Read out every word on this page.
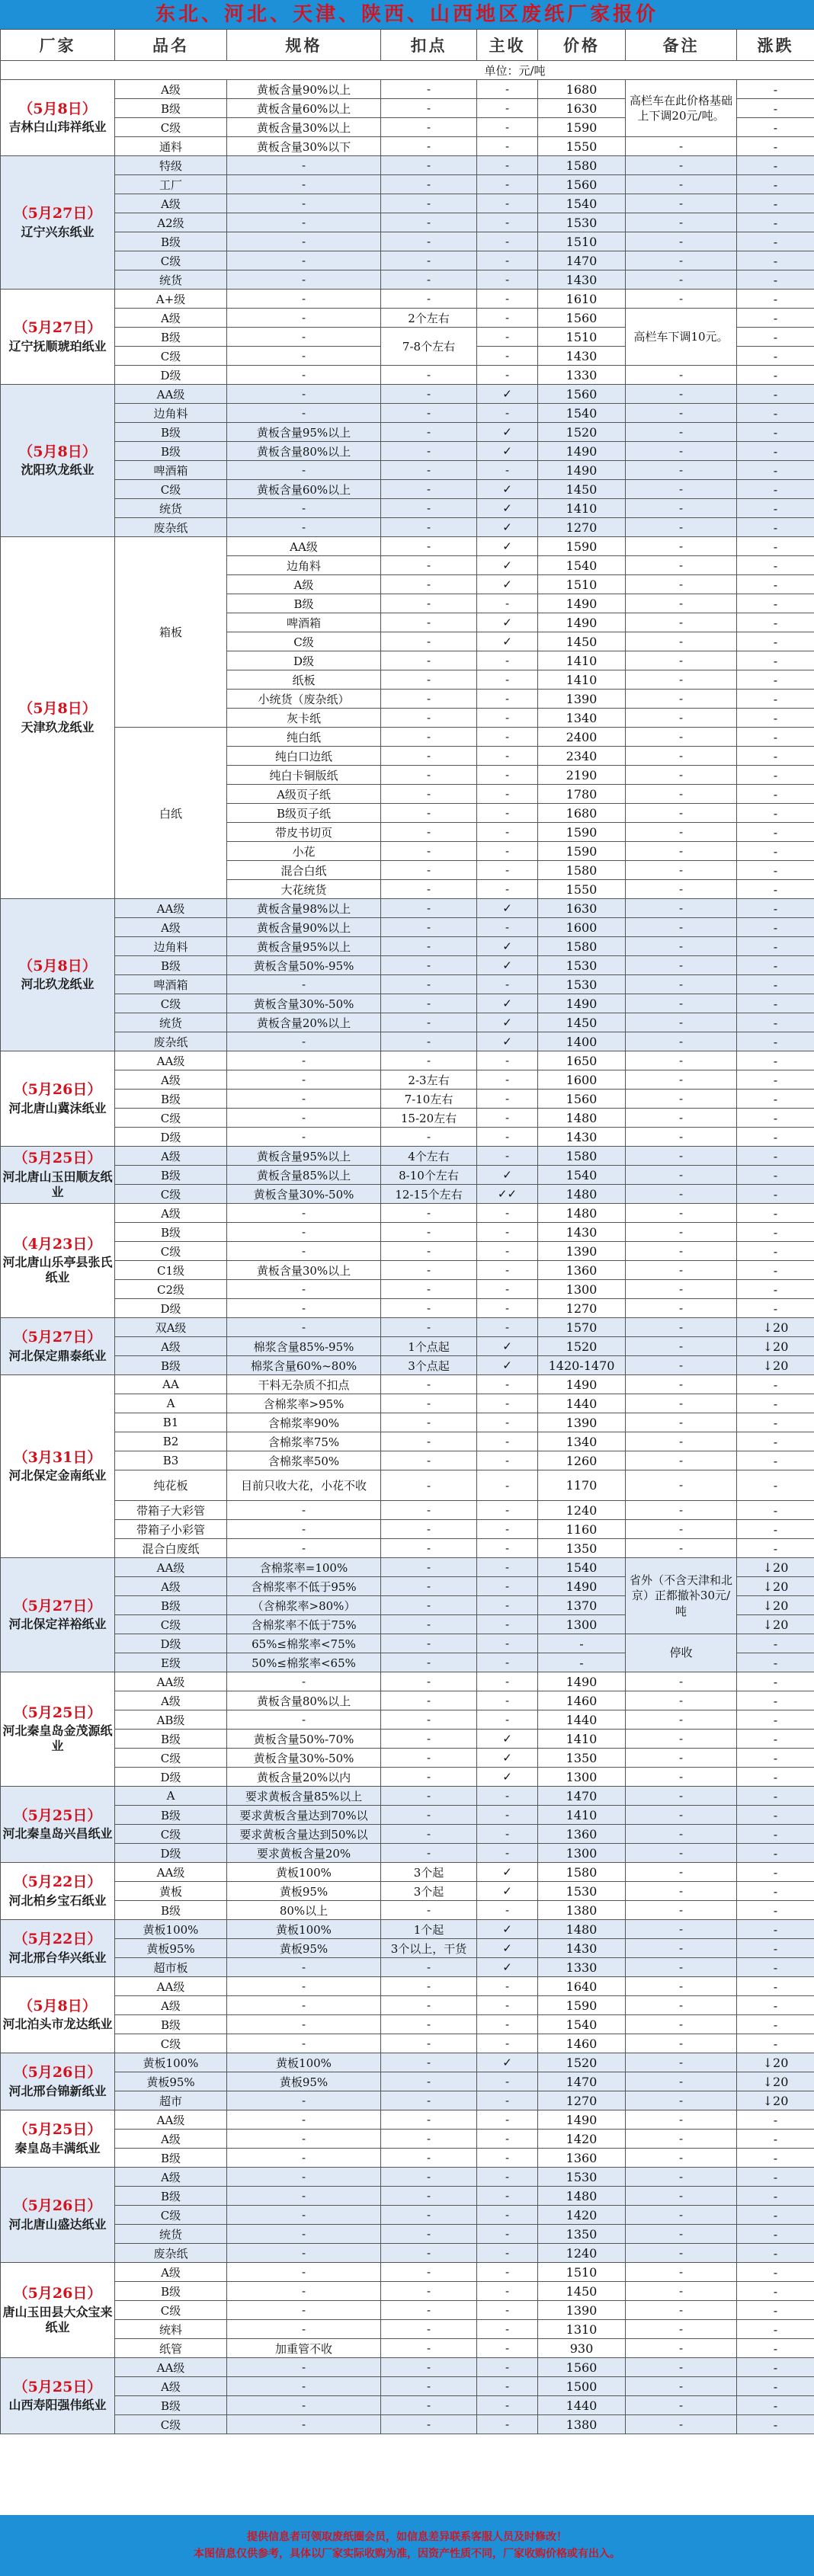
东北、河北、天津、陕西、山西地区废纸厂家报价
厂家	品名	规格	扣点	主收	价格	备注	涨跌
				单位：元/吨			

（5月8日）
吉林白山玮祥纸业	A级	黄板含量90%以上	-	-	1680	高栏车在此价格基础上下调20元/吨。	-
	B级	黄板含量60%以上	-	-	1630		-
	C级	黄板含量30%以上	-	-	1590		-
	通料	黄板含量30%以下	-	-	1550	-	-

（5月27日）
辽宁兴东纸业	特级	-	-	-	1580	-	-
	工厂	-	-	-	1560	-	-
	A级	-	-	-	1540	-	-
	A2级	-	-	-	1530	-	-
	B级	-	-	-	1510	-	-
	C级	-	-	-	1470	-	-
	统货	-	-	-	1430	-	-

（5月27日）
辽宁抚顺琥珀纸业	A+级	-	-	-	1610	-	-
	A级	-	2个左右	-	1560	高栏车下调10元。	-
	B级	-	7-8个左右	-	1510		-
	C级	-		-	1430		-
	D级	-	-	-	1330	-	-

（5月8日）
沈阳玖龙纸业	AA级	-	-	✓	1560	-	-
	边角料	-	-	-	1540	-	-
	B级	黄板含量95%以上	-	✓	1520	-	-
	B级	黄板含量80%以上	-	✓	1490	-	-
	啤酒箱	-	-	-	1490	-	-
	C级	黄板含量60%以上	-	✓	1450	-	-
	统货	-	-	✓	1410	-	-
	废杂纸	-	-	✓	1270	-	-

（5月8日）
天津玖龙纸业	箱板	AA级	-	✓	1590	-	-
		边角料	-	✓	1540	-	-
		A级	-	✓	1510	-	-
		B级	-	-	1490	-	-
		啤酒箱	-	✓	1490	-	-
		C级	-	✓	1450	-	-
		D级	-	-	1410	-	-
		纸板	-	-	1410	-	-
		小统货（废杂纸）	-	-	1390	-	-
		灰卡纸	-	-	1340	-	-
	白纸	纯白纸	-	-	2400	-	-
		纯白口边纸	-	-	2340	-	-
		纯白卡铜版纸	-	-	2190	-	-
		A级页子纸	-	-	1780	-	-
		B级页子纸	-	-	1680	-	-
		带皮书切页	-	-	1590	-	-
		小花	-	-	1590	-	-
		混合白纸	-	-	1580	-	-
		大花统货	-	-	1550	-	-

（5月8日）
河北玖龙纸业	AA级	黄板含量98%以上	-	✓	1630	-	-
	A级	黄板含量90%以上	-	-	1600	-	-
	边角料	黄板含量95%以上	-	✓	1580	-	-
	B级	黄板含量50%-95%	-	✓	1530	-	-
	啤酒箱	-	-	-	1530	-	-
	C级	黄板含量30%-50%	-	✓	1490	-	-
	统货	黄板含量20%以上	-	✓	1450	-	-
	废杂纸	-	-	✓	1400	-	-

（5月26日）
河北唐山冀沫纸业	AA级	-	-	-	1650	-	-
	A级	-	2-3左右	-	1600	-	-
	B级	-	7-10左右	-	1560	-	-
	C级	-	15-20左右	-	1480	-	-
	D级	-	-	-	1430	-	-

（5月25日）
河北唐山玉田顺友纸业	A级	黄板含量95%以上	4个左右	-	1580	-	-
	B级	黄板含量85%以上	8-10个左右	✓	1540	-	-
	C级	黄板含量30%-50%	12-15个左右	✓✓	1480	-	-

（4月23日）
河北唐山乐亭县张氏纸业	A级	-	-	-	1480	-	-
	B级	-	-	-	1430	-	-
	C级	-	-	-	1390	-	-
	C1级	黄板含量30%以上	-	-	1360	-	-
	C2级	-	-	-	1300	-	-
	D级	-	-	-	1270	-	-

（5月27日）
河北保定鼎泰纸业	双A级	-	-	-	1570	-	↓20
	A级	棉浆含量85%-95%	1个点起	✓	1520	-	↓20
	B级	棉浆含量60%~80%	3个点起	✓	1420-1470	-	↓20

（3月31日）
河北保定金南纸业	AA	干料无杂质不扣点	-	-	1490	-	-
	A	含棉浆率>95%	-	-	1440	-	-
	B1	含棉浆率90%	-	-	1390	-	-
	B2	含棉浆率75%	-	-	1340	-	-
	B3	含棉浆率50%	-	-	1260	-	-
	纯花板	目前只收大花，小花不收	-	-	1170	-	-
	带箱子大彩管	-	-	-	1240	-	-
	带箱子小彩管	-	-	-	1160	-	-
	混合白废纸	-	-	-	1350	-	-

（5月27日）
河北保定祥裕纸业	AA级	含棉浆率=100%	-	-	1540	省外（不含天津和北京）正都撤补30元/吨	↓20
	A级	含棉浆率不低于95%	-	-	1490		↓20
	B级	（含棉浆率>80%）	-	-	1370		↓20
	C级	含棉浆率不低于75%	-	-	1300		↓20
	D级	65%≤棉浆率<75%	-	-	-	停收	-
	E级	50%≤棉浆率<65%	-	-	-		-

（5月25日）
河北秦皇岛金茂源纸业	AA级	-	-	-	1490	-	-
	A级	黄板含量80%以上	-	-	1460	-	-
	AB级	-	-	-	1440	-	-
	B级	黄板含量50%-70%	-	✓	1410	-	-
	C级	黄板含量30%-50%	-	✓	1350	-	-
	D级	黄板含量20%以内	-	✓	1300	-	-

（5月25日）
河北秦皇岛兴昌纸业	A	要求黄板含量85%以上	-	-	1470	-	-
	B级	要求黄板含量达到70%以	-	-	1410	-	-
	C级	要求黄板含量达到50%以	-	-	1360	-	-
	D级	要求黄板含量20%	-	-	1300	-	-

（5月22日）
河北柏乡宝石纸业	AA级	黄板100%	3个起	✓	1580	-	-
	黄板	黄板95%	3个起	✓	1530	-	-
	B级	80%以上	-	-	1380	-	-

（5月22日）
河北邢台华兴纸业	黄板100%	黄板100%	1个起	✓	1480	-	-
	黄板95%	黄板95%	3个以上，干货	✓	1430	-	-
	超市板	-	-	✓	1330	-	-

（5月8日）
河北泊头市龙达纸业	AA级	-	-	-	1640	-	-
	A级	-	-	-	1590	-	-
	B级	-	-	-	1540	-	-
	C级	-	-	-	1460	-	-

（5月26日）
河北邢台锦新纸业	黄板100%	黄板100%	-	✓	1520	-	↓20
	黄板95%	黄板95%	-	-	1470	-	↓20
	超市	-	-	-	1270	-	↓20

（5月25日）
秦皇岛丰满纸业	AA级	-	-	-	1490	-	-
	A级	-	-	-	1420	-	-
	B级	-	-	-	1360	-	-

（5月26日）
河北唐山盛达纸业	A级	-	-	-	1530	-	-
	B级	-	-	-	1480	-	-
	C级	-	-	-	1420	-	-
	统货	-	-	-	1350	-	-
	废杂纸	-	-	-	1240	-	-

（5月26日）
唐山玉田县大众宝来纸业	A级	-	-	-	1510	-	-
	B级	-	-	-	1450	-	-
	C级	-	-	-	1390	-	-
	统料	-	-	-	1310	-	-
	纸管	加重管不收	-	-	930	-	-

（5月25日）
山西寿阳强伟纸业	AA级	-	-	-	1560	-	-
	A级	-	-	-	1500	-	-
	B级	-	-	-	1440	-	-
	C级	-	-	-	1380	-	-
提供信息者可领取废纸圈会员，如信息差异联系客服人员及时修改！
本图信息仅供参考，具体以厂家实际收购为准，因资产性质不同，厂家收购价格或有出入。
